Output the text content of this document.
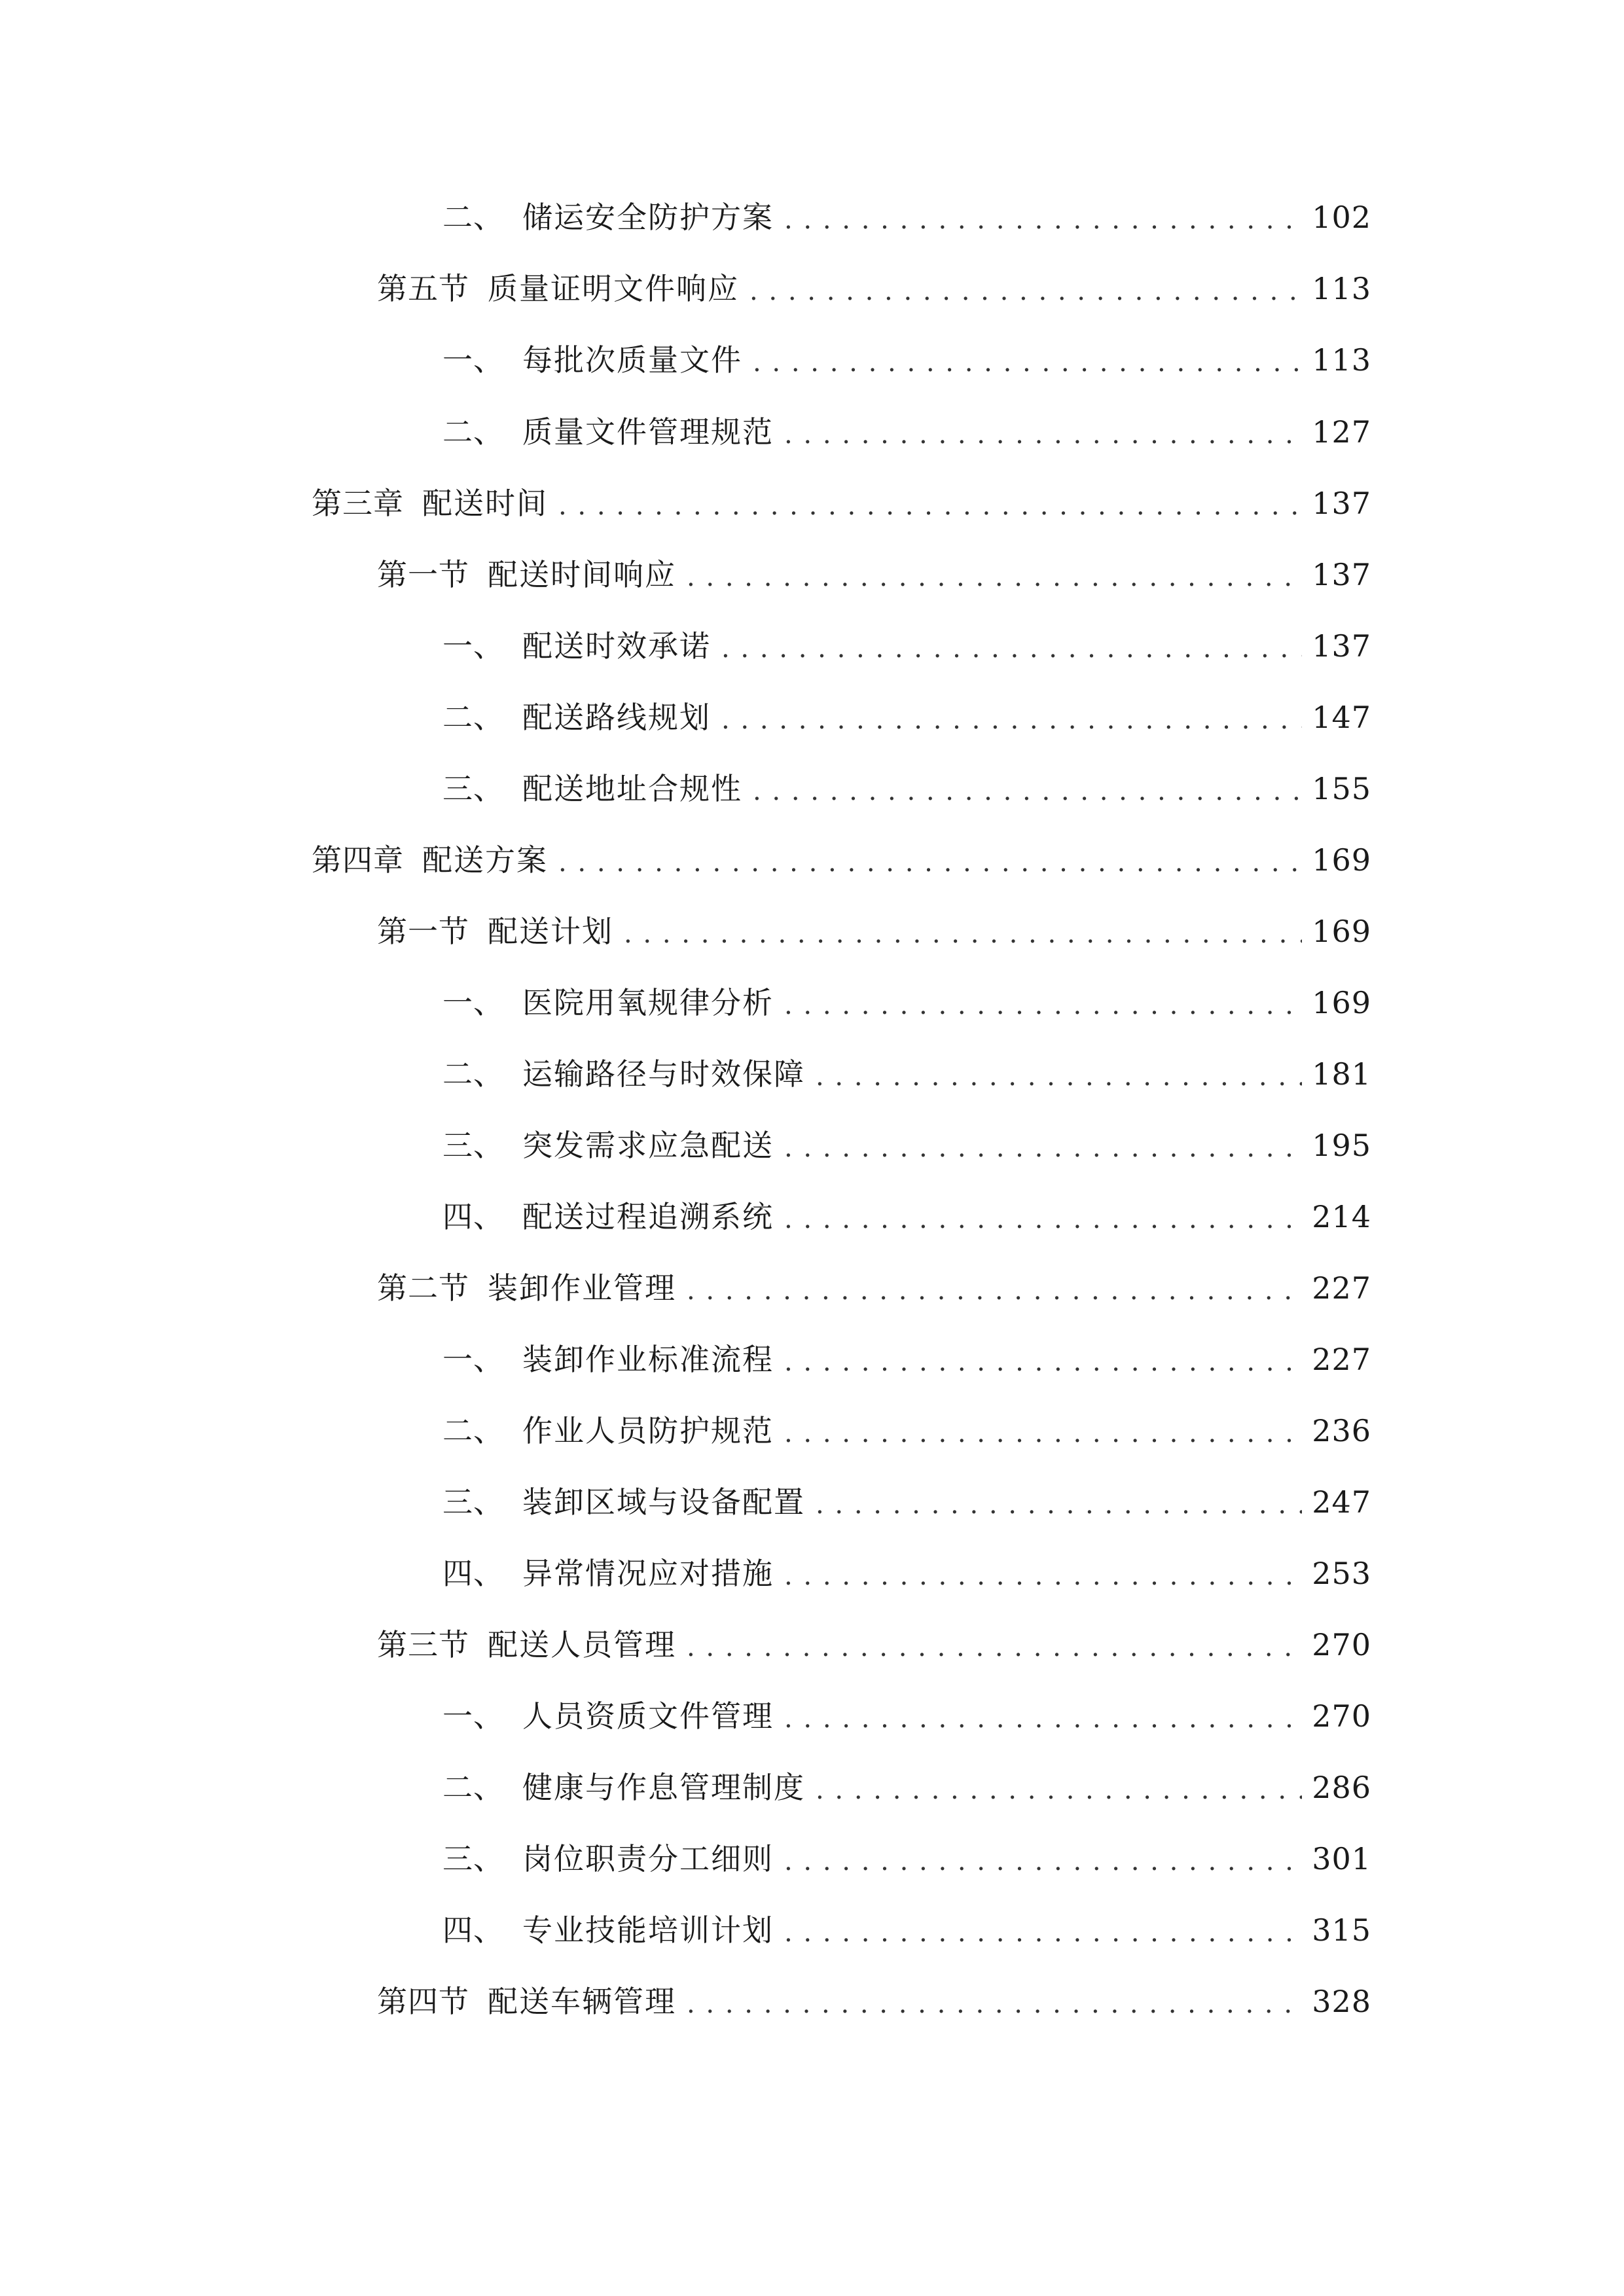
二、 储运安全防护方案 . . .	102
第五节 质量证明文件响应 . . .	113
一、 每批次质量文件 . . .	113
二、 质量文件管理规范 . . .	127
第三章 配送时间 . . .	137
第一节 配送时间响应 . . .	137
一、 配送时效承诺 . . .	137
二、 配送路线规划 . . .	147
三、 配送地址合规性 . . .	155
第四章 配送方案 . . .	169
第一节 配送计划 . . .	169
一、 医院用氧规律分析 . . .	169
二、 运输路径与时效保障 . . .	181
三、 突发需求应急配送 . . .	195
四、 配送过程追溯系统 . . .	214
第二节 装卸作业管理 . . .	227
一、 装卸作业标准流程 . . .	227
二、 作业人员防护规范 . . .	236
三、 装卸区域与设备配置 . . .	247
四、 异常情况应对措施 . . .	253
第三节 配送人员管理 . . .	270
一、 人员资质文件管理 . . .	270
二、 健康与作息管理制度 . . .	286
三、 岗位职责分工细则 . . .	301
四、 专业技能培训计划 . . .	315
第四节 配送车辆管理 . . .	328
